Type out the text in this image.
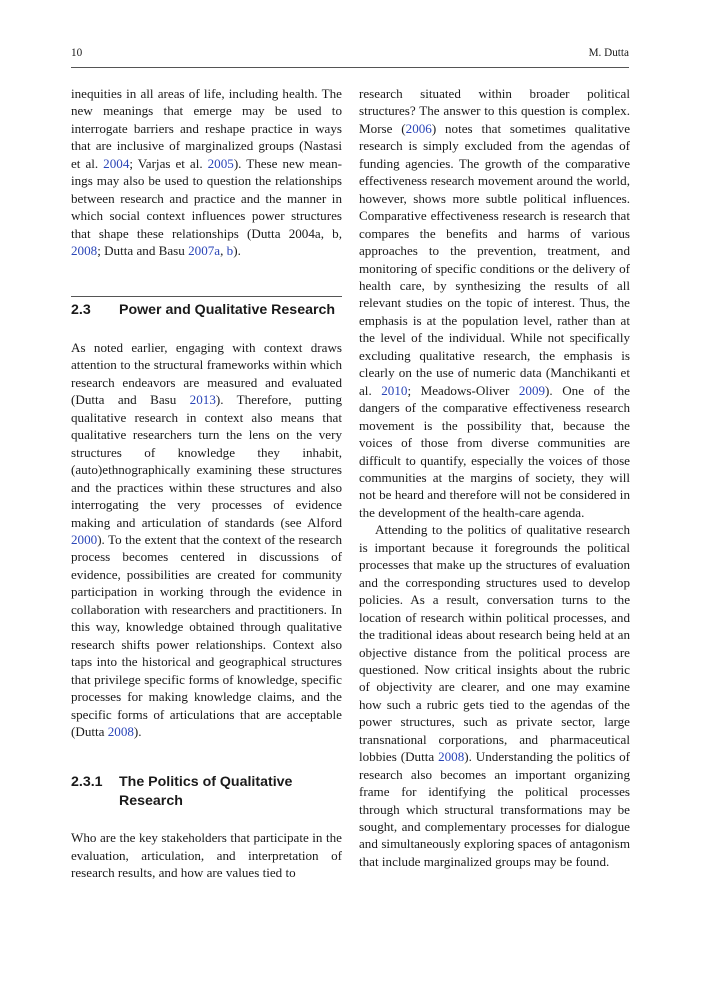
10	M. Dutta

inequities in all areas of life, including health. The new meanings that emerge may be used to interrogate barriers and reshape practice in ways that are inclusive of marginalized groups (Nastasi et al. 2004; Varjas et al. 2005). These new meanings may also be used to question the relationships between research and practice and the manner in which social context influences power structures that shape these relationships (Dutta 2004a, b, 2008; Dutta and Basu 2007a, b).

2.3 Power and Qualitative Research

As noted earlier, engaging with context draws attention to the structural frameworks within which research endeavors are measured and evaluated (Dutta and Basu 2013). Therefore, putting qualitative research in context also means that qualitative researchers turn the lens on the very structures of knowledge they inhabit, (auto)ethnographically examining these structures and the practices within these structures and also interrogating the very processes of evidence making and articulation of standards (see Alford 2000). To the extent that the context of the research process becomes centered in discussions of evidence, possibilities are created for community participation in working through the evidence in collaboration with researchers and practitioners. In this way, knowledge obtained through qualitative research shifts power relationships. Context also taps into the historical and geographical structures that privilege specific forms of knowledge, specific processes for making knowledge claims, and the specific forms of articulations that are acceptable (Dutta 2008).

2.3.1 The Politics of Qualitative Research

Who are the key stakeholders that participate in the evaluation, articulation, and interpretation of research results, and how are values tied to

research situated within broader political structures? The answer to this question is complex. Morse (2006) notes that sometimes qualitative research is simply excluded from the agendas of funding agencies. The growth of the comparative effectiveness research movement around the world, however, shows more subtle political influences. Comparative effectiveness research is research that compares the benefits and harms of various approaches to the prevention, treatment, and monitoring of specific conditions or the delivery of health care, by synthesizing the results of all relevant studies on the topic of interest. Thus, the emphasis is at the population level, rather than at the level of the individual. While not specifically excluding qualitative research, the emphasis is clearly on the use of numeric data (Manchikanti et al. 2010; Meadows-Oliver 2009). One of the dangers of the comparative effectiveness research movement is the possibility that, because the voices of those from diverse communities are difficult to quantify, especially the voices of those communities at the margins of society, they will not be heard and therefore will not be considered in the development of the health-care agenda.

Attending to the politics of qualitative research is important because it foregrounds the political processes that make up the structures of evaluation and the corresponding structures used to develop policies. As a result, conversation turns to the location of research within political processes, and the traditional ideas about research being held at an objective distance from the political process are questioned. Now critical insights about the rubric of objectivity are clearer, and one may examine how such a rubric gets tied to the agendas of the power structures, such as private sector, large transnational corporations, and pharmaceutical lobbies (Dutta 2008). Understanding the politics of research also becomes an important organizing frame for identifying the political processes through which structural transformations may be sought, and complementary processes for dialogue and simultaneously exploring spaces of antagonism that include marginalized groups may be found.
